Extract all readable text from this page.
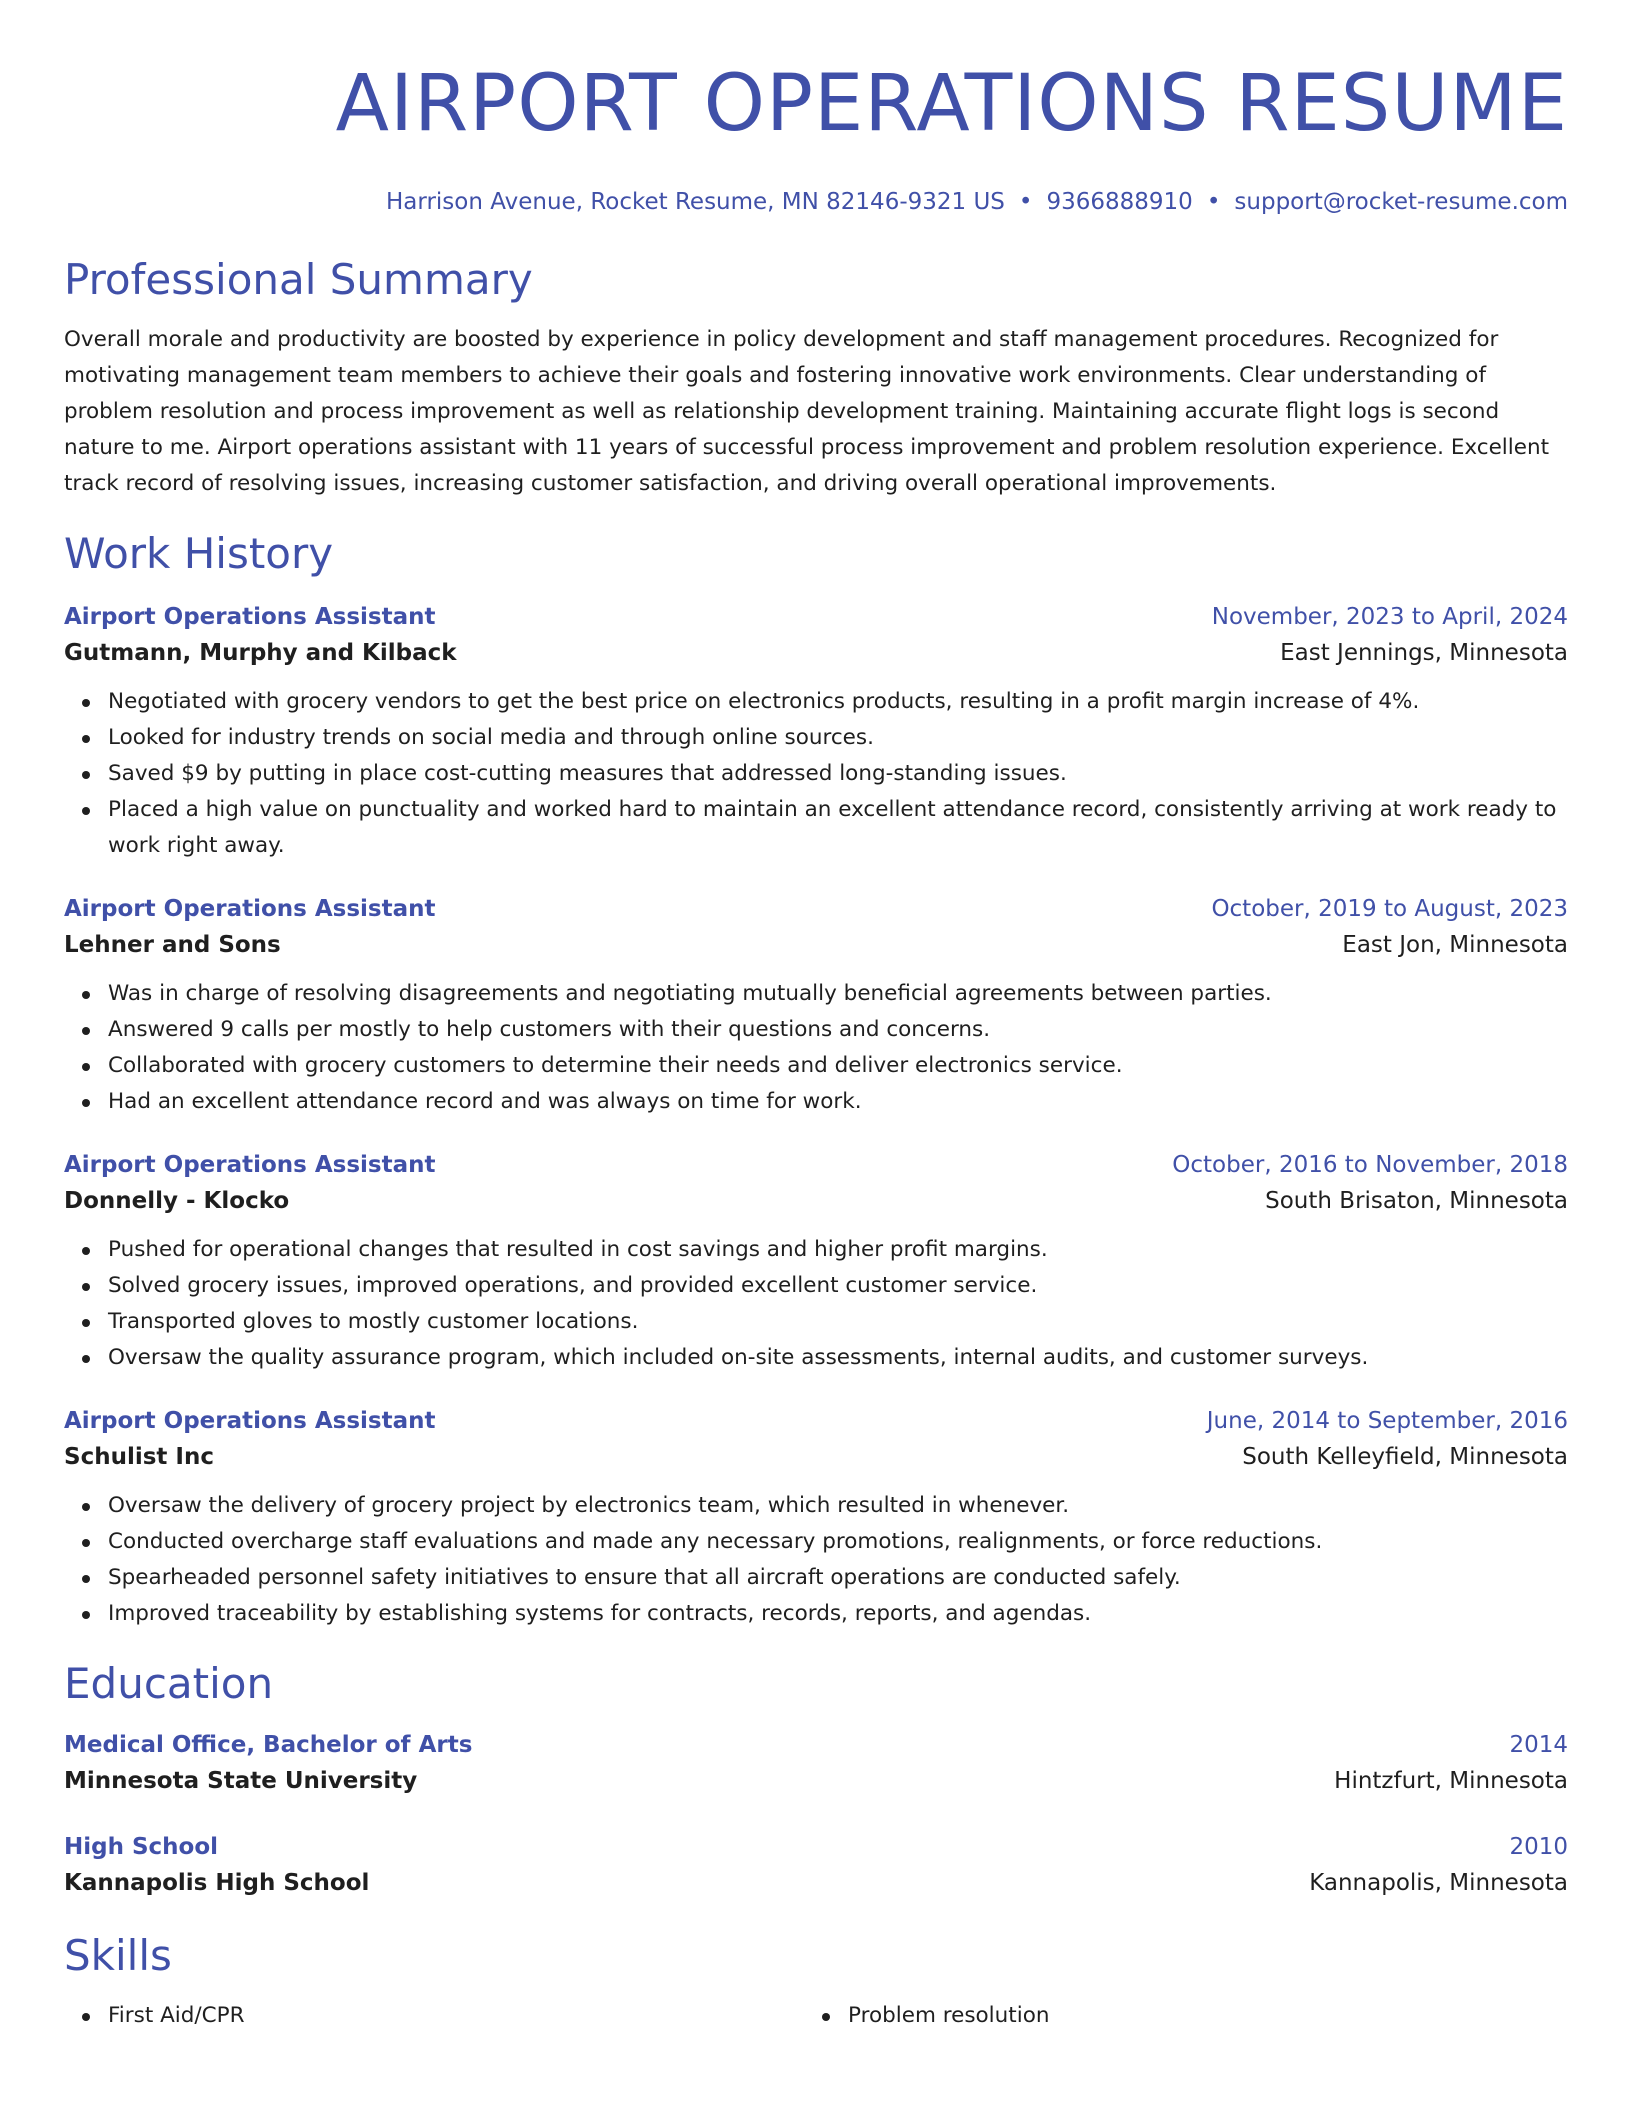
AIRPORT OPERATIONS RESUME
Harrison Avenue, Rocket Resume, MN 82146-9321 US • 9366888910 • support@rocket-resume.com
Professional Summary
Overall morale and productivity are boosted by experience in policy development and staff management procedures. Recognized for motivating management team members to achieve their goals and fostering innovative work environments. Clear understanding of problem resolution and process improvement as well as relationship development training. Maintaining accurate flight logs is second nature to me. Airport operations assistant with 11 years of successful process improvement and problem resolution experience. Excellent track record of resolving issues, increasing customer satisfaction, and driving overall operational improvements.
Work History
Airport Operations Assistant	November, 2023 to April, 2024
Gutmann, Murphy and Kilback	East Jennings, Minnesota
Negotiated with grocery vendors to get the best price on electronics products, resulting in a profit margin increase of 4%.
Looked for industry trends on social media and through online sources.
Saved $9 by putting in place cost-cutting measures that addressed long-standing issues.
Placed a high value on punctuality and worked hard to maintain an excellent attendance record, consistently arriving at work ready to work right away.
Airport Operations Assistant	October, 2019 to August, 2023
Lehner and Sons	East Jon, Minnesota
Was in charge of resolving disagreements and negotiating mutually beneficial agreements between parties.
Answered 9 calls per mostly to help customers with their questions and concerns.
Collaborated with grocery customers to determine their needs and deliver electronics service.
Had an excellent attendance record and was always on time for work.
Airport Operations Assistant	October, 2016 to November, 2018
Donnelly - Klocko	South Brisaton, Minnesota
Pushed for operational changes that resulted in cost savings and higher profit margins.
Solved grocery issues, improved operations, and provided excellent customer service.
Transported gloves to mostly customer locations.
Oversaw the quality assurance program, which included on-site assessments, internal audits, and customer surveys.
Airport Operations Assistant	June, 2014 to September, 2016
Schulist Inc	South Kelleyfield, Minnesota
Oversaw the delivery of grocery project by electronics team, which resulted in whenever.
Conducted overcharge staff evaluations and made any necessary promotions, realignments, or force reductions.
Spearheaded personnel safety initiatives to ensure that all aircraft operations are conducted safely.
Improved traceability by establishing systems for contracts, records, reports, and agendas.
Education
Medical Office, Bachelor of Arts	2014
Minnesota State University	Hintzfurt, Minnesota
High School	2010
Kannapolis High School	Kannapolis, Minnesota
Skills
First Aid/CPR	Problem resolution
